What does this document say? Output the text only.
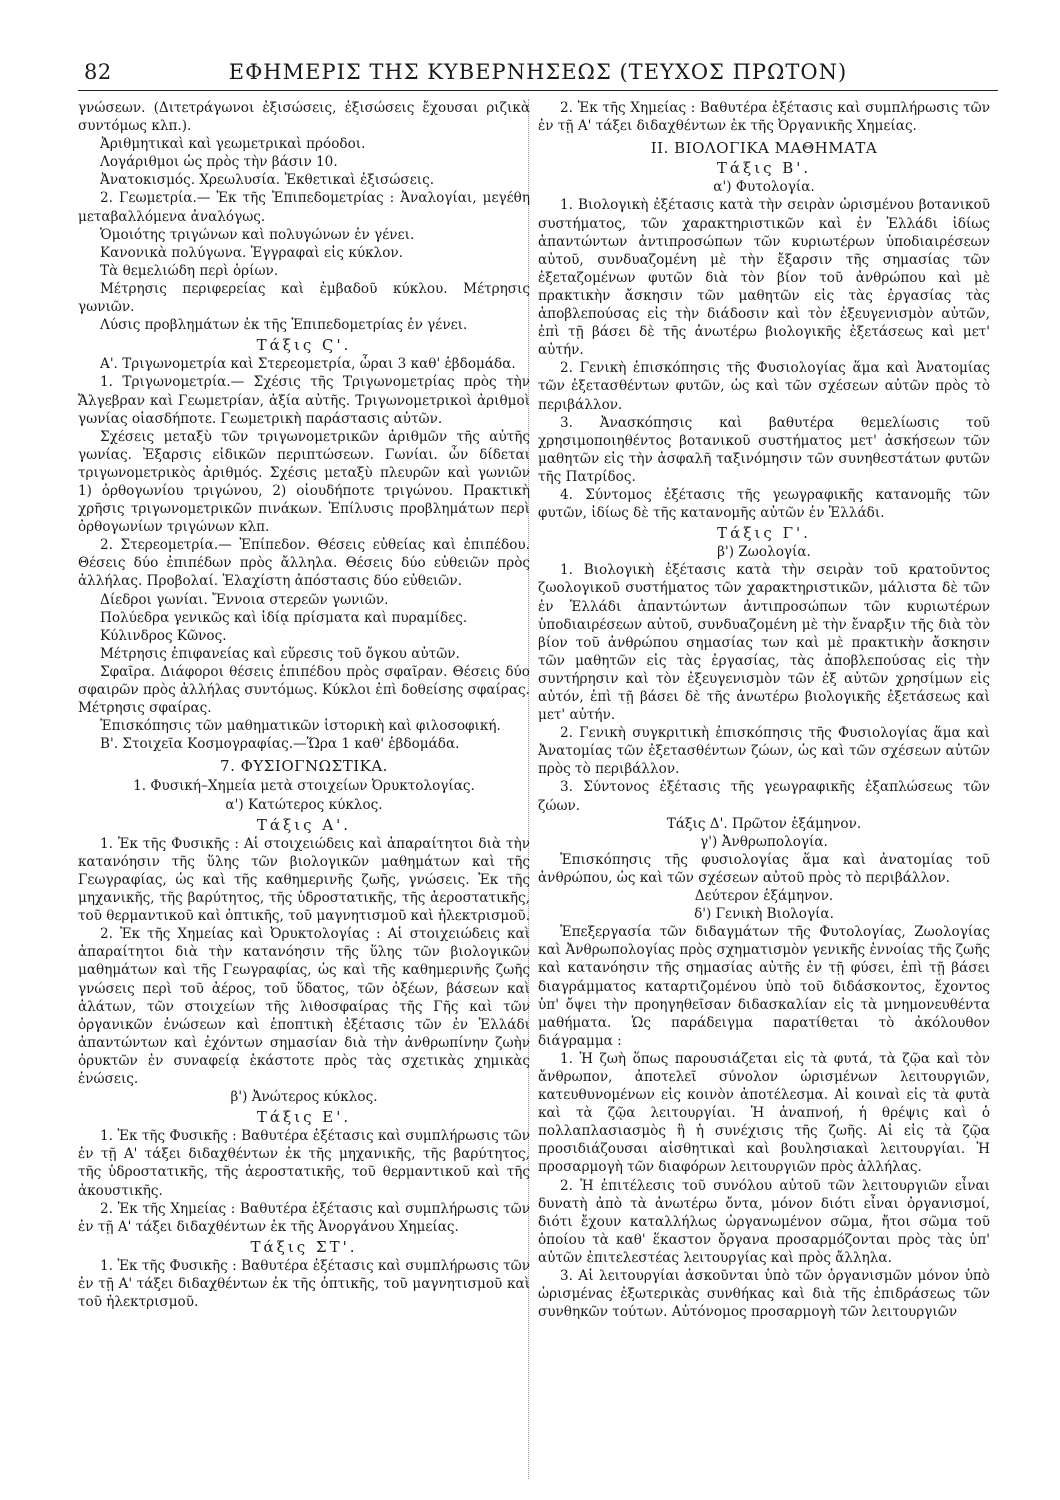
82	ΕΦΗΜΕΡΙΣ ΤΗΣ ΚΥΒΕΡΝΗΣΕΩΣ (ΤΕΥΧΟΣ ΠΡΩΤΟΝ)

γνώσεων. (Διτετράγωνοι ἐξισώσεις, ἐξισώσεις ἔχουσαι ριζικὰ συντόμως κλπ.).

Ἀριθμητικαὶ καὶ γεωμετρικαὶ πρόοδοι.

Λογάριθμοι ὡς πρὸς τὴν βάσιν 10.

Ἀνατοκισμός. Χρεωλυσία. Ἐκθετικαὶ ἐξισώσεις.

2. Γεωμετρία.— Ἐκ τῆς Ἐπιπεδομετρίας : Ἀναλογίαι, μεγέθη μεταβαλλόμενα ἀναλόγως.

Ὁμοιότης τριγώνων καὶ πολυγώνων ἐν γένει.

Κανονικὰ πολύγωνα. Ἐγγραφαὶ εἰς κύκλον.

Τὰ θεμελιώδη περὶ ὁρίων.

Μέτρησις περιφερείας καὶ ἐμβαδοῦ κύκλου. Μέτρησις γωνιῶν.

Λύσις προβλημάτων ἐκ τῆς Ἐπιπεδομετρίας ἐν γένει.

Τάξις Ϛ'.

Α'. Τριγωνομετρία καὶ Στερεομετρία, ὧραι 3 καθ' ἑβδομάδα.

1. Τριγωνομετρία.— Σχέσις τῆς Τριγωνομετρίας πρὸς τὴν Ἄλγεβραν καὶ Γεωμετρίαν, ἀξία αὐτῆς. Τριγωνομετρικοὶ ἀριθμοὶ γωνίας οἱασδήποτε. Γεωμετρικὴ παράστασις αὐτῶν.

Σχέσεις μεταξὺ τῶν τριγωνομετρικῶν ἀριθμῶν τῆς αὐτῆς γωνίας. Ἐξαρσις εἰδικῶν περιπτώσεων. Γωνίαι. ὧν δίδεται τριγωνομετρικὸς ἀριθμός. Σχέσις μεταξὺ πλευρῶν καὶ γωνιῶν 1) ὀρθογωνίου τριγώνου, 2) οἱουδήποτε τριγώνου. Πρακτικὴ χρῆσις τριγωνομετρικῶν πινάκων. Ἐπίλυσις προβλημάτων περὶ ὀρθογωνίων τριγώνων κλπ.

2. Στερεομετρία.— Ἐπίπεδον. Θέσεις εὐθείας καὶ ἐπιπέδου. Θέσεις δύο ἐπιπέδων πρὸς ἄλληλα. Θέσεις δύο εὐθειῶν πρὸς ἀλλήλας. Προβολαί. Ἐλαχίστη ἀπόστασις δύο εὐθειῶν.

Δίεδροι γωνίαι. Ἔννοια στερεῶν γωνιῶν.

Πολύεδρα γενικῶς καὶ ἰδίᾳ πρίσματα καὶ πυραμίδες.

Κύλινδρος Κῶνος.

Μέτρησις ἐπιφανείας καὶ εὕρεσις τοῦ ὄγκου αὐτῶν.

Σφαῖρα. Διάφοροι θέσεις ἐπιπέδου πρὸς σφαῖραν. Θέσεις δύο σφαιρῶν πρὸς ἀλλήλας συντόμως. Κύκλοι ἐπὶ δοθείσης σφαίρας. Μέτρησις σφαίρας.

Ἐπισκόπησις τῶν μαθηματικῶν ἱστορικὴ καὶ φιλοσοφική.

Β'. Στοιχεῖα Κοσμογραφίας.—Ὥρα 1 καθ' ἑβδομάδα.

7. ΦΥΣΙΟΓΝΩΣΤΙΚΑ.

1. Φυσική–Χημεία μετὰ στοιχείων Ὀρυκτολογίας.

α') Κατώτερος κύκλος.

Τάξις Α'.

1. Ἐκ τῆς Φυσικῆς : Αἱ στοιχειώδεις καὶ ἀπαραίτητοι διὰ τὴν κατανόησιν τῆς ὕλης τῶν βιολογικῶν μαθημάτων καὶ τῆς Γεωγραφίας, ὡς καὶ τῆς καθημερινῆς ζωῆς, γνώσεις. Ἐκ τῆς μηχανικῆς, τῆς βαρύτητος, τῆς ὑδροστατικῆς, τῆς ἀεροστατικῆς, τοῦ θερμαντικοῦ καὶ ὀπτικῆς, τοῦ μαγνητισμοῦ καὶ ἠλεκτρισμοῦ.

2. Ἐκ τῆς Χημείας καὶ Ὀρυκτολογίας : Αἱ στοιχειώδεις καὶ ἀπαραίτητοι διὰ τὴν κατανόησιν τῆς ὕλης τῶν βιολογικῶν μαθημάτων καὶ τῆς Γεωγραφίας, ὡς καὶ τῆς καθημερινῆς ζωῆς γνώσεις περὶ τοῦ ἀέρος, τοῦ ὕδατος, τῶν ὀξέων, βάσεων καὶ ἁλάτων, τῶν στοιχείων τῆς λιθοσφαίρας τῆς Γῆς καὶ τῶν ὀργανικῶν ἐνώσεων καὶ ἐποπτικὴ ἐξέτασις τῶν ἐν Ἑλλάδι ἀπαντώντων καὶ ἐχόντων σημασίαν διὰ τὴν ἀνθρωπίνην ζωὴν ὀρυκτῶν ἐν συναφείᾳ ἑκάστοτε πρὸς τὰς σχετικὰς χημικὰς ἑνώσεις.

β') Ἀνώτερος κύκλος.

Τάξις Ε'.

1. Ἐκ τῆς Φυσικῆς : Βαθυτέρα ἐξέτασις καὶ συμπλήρωσις τῶν ἐν τῇ Α' τάξει διδαχθέντων ἐκ τῆς μηχανικῆς, τῆς βαρύτητος, τῆς ὑδροστατικῆς, τῆς ἀεροστατικῆς, τοῦ θερμαντικοῦ καὶ τῆς ἀκουστικῆς.

2. Ἐκ τῆς Χημείας : Βαθυτέρα ἐξέτασις καὶ συμπλήρωσις τῶν ἐν τῇ Α' τάξει διδαχθέντων ἐκ τῆς Ἀνοργάνου Χημείας.

Τάξις ΣΤ'.

1. Ἐκ τῆς Φυσικῆς : Βαθυτέρα ἐξέτασις καὶ συμπλήρωσις τῶν ἐν τῇ Α' τάξει διδαχθέντων ἐκ τῆς ὀπτικῆς, τοῦ μαγνητισμοῦ καὶ τοῦ ἠλεκτρισμοῦ.

2. Ἐκ τῆς Χημείας : Βαθυτέρα ἐξέτασις καὶ συμπλήρωσις τῶν ἐν τῇ Α' τάξει διδαχθέντων ἐκ τῆς Ὀργανικῆς Χημείας.

ΙΙ. ΒΙΟΛΟΓΙΚΑ ΜΑΘΗΜΑΤΑ

Τάξις Β'.

α') Φυτολογία.

1. Βιολογικὴ ἐξέτασις κατὰ τὴν σειρὰν ὡρισμένου βοτανικοῦ συστήματος, τῶν χαρακτηριστικῶν καὶ ἐν Ἑλλάδι ἰδίως ἀπαντώντων ἀντιπροσώπων τῶν κυριωτέρων ὑποδιαιρέσεων αὐτοῦ, συνδυαζομένη μὲ τὴν ἔξαρσιν τῆς σημασίας τῶν ἐξεταζομένων φυτῶν διὰ τὸν βίον τοῦ ἀνθρώπου καὶ μὲ πρακτικὴν ἄσκησιν τῶν μαθητῶν εἰς τὰς ἐργασίας τὰς ἀποβλεπούσας εἰς τὴν διάδοσιν καὶ τὸν ἐξευγενισμὸν αὐτῶν, ἐπὶ τῇ βάσει δὲ τῆς ἀνωτέρω βιολογικῆς ἐξετάσεως καὶ μετ' αὐτήν.

2. Γενικὴ ἐπισκόπησις τῆς Φυσιολογίας ἅμα καὶ Ἀνατομίας τῶν ἐξετασθέντων φυτῶν, ὡς καὶ τῶν σχέσεων αὐτῶν πρὸς τὸ περιβάλλον.

3. Ἀνασκόπησις καὶ βαθυτέρα θεμελίωσις τοῦ χρησιμοποιηθέντος βοτανικοῦ συστήματος μετ' ἀσκήσεων τῶν μαθητῶν εἰς τὴν ἀσφαλῆ ταξινόμησιν τῶν συνηθεστάτων φυτῶν τῆς Πατρίδος.

4. Σύντομος ἐξέτασις τῆς γεωγραφικῆς κατανομῆς τῶν φυτῶν, ἰδίως δὲ τῆς κατανομῆς αὐτῶν ἐν Ἑλλάδι.

Τάξις Γ'.

β') Ζωολογία.

1. Βιολογικὴ ἐξέτασις κατὰ τὴν σειρὰν τοῦ κρατοῦντος ζωολογικοῦ συστήματος τῶν χαρακτηριστικῶν, μάλιστα δὲ τῶν ἐν Ἑλλάδι ἀπαντώντων ἀντιπροσώπων τῶν κυριωτέρων ὑποδιαιρέσεων αὐτοῦ, συνδυαζομένη μὲ τὴν ἔναρξιν τῆς διὰ τὸν βίον τοῦ ἀνθρώπου σημασίας των καὶ μὲ πρακτικὴν ἄσκησιν τῶν μαθητῶν εἰς τὰς ἐργασίας, τὰς ἀποβλεπούσας εἰς τὴν συντήρησιν καὶ τὸν ἐξευγενισμὸν τῶν ἐξ αὐτῶν χρησίμων εἰς αὐτόν, ἐπὶ τῇ βάσει δὲ τῆς ἀνωτέρω βιολογικῆς ἐξετάσεως καὶ μετ' αὐτήν.

2. Γενικὴ συγκριτικὴ ἐπισκόπησις τῆς Φυσιολογίας ἅμα καὶ Ἀνατομίας τῶν ἐξετασθέντων ζώων, ὡς καὶ τῶν σχέσεων αὐτῶν πρὸς τὸ περιβάλλον.

3. Σύντονος ἐξέτασις τῆς γεωγραφικῆς ἐξαπλώσεως τῶν ζώων.

Τάξις Δ'. Πρῶτον ἑξάμηνον.

γ') Ἀνθρωπολογία.

Ἐπισκόπησις τῆς φυσιολογίας ἅμα καὶ ἀνατομίας τοῦ ἀνθρώπου, ὡς καὶ τῶν σχέσεων αὐτοῦ πρὸς τὸ περιβάλλον.

Δεύτερον ἑξάμηνον.

δ') Γενικὴ Βιολογία.

Ἐπεξεργασία τῶν διδαγμάτων τῆς Φυτολογίας, Ζωολογίας καὶ Ἀνθρωπολογίας πρὸς σχηματισμὸν γενικῆς ἐννοίας τῆς ζωῆς καὶ κατανόησιν τῆς σημασίας αὐτῆς ἐν τῇ φύσει, ἐπὶ τῇ βάσει διαγράμματος καταρτιζομένου ὑπὸ τοῦ διδάσκοντος, ἔχοντος ὑπ' ὄψει τὴν προηγηθεῖσαν διδασκαλίαν εἰς τὰ μνημονευθέντα μαθήματα. Ὡς παράδειγμα παρατίθεται τὸ ἀκόλουθον διάγραμμα :

1. Ἡ ζωὴ ὅπως παρουσιάζεται εἰς τὰ φυτά, τὰ ζῷα καὶ τὸν ἄνθρωπον, ἀποτελεῖ σύνολον ὡρισμένων λειτουργιῶν, κατευθυνομένων εἰς κοινὸν ἀποτέλεσμα. Αἱ κοιναὶ εἰς τὰ φυτὰ καὶ τὰ ζῷα λειτουργίαι. Ἡ ἀναπνοή, ἡ θρέψις καὶ ὁ πολλαπλασιασμὸς ἢ ἡ συνέχισις τῆς ζωῆς. Αἱ εἰς τὰ ζῷα προσιδιάζουσαι αἰσθητικαὶ καὶ βουλησιακαὶ λειτουργίαι. Ἡ προσαρμογὴ τῶν διαφόρων λειτουργιῶν πρὸς ἀλλήλας.

2. Ἡ ἐπιτέλεσις τοῦ συνόλου αὐτοῦ τῶν λειτουργιῶν εἶναι δυνατὴ ἀπὸ τὰ ἀνωτέρω ὄντα, μόνον διότι εἶναι ὀργανισμοί, διότι ἔχουν καταλλήλως ὠργανωμένον σῶμα, ἤτοι σῶμα τοῦ ὁποίου τὰ καθ' ἕκαστον ὄργανα προσαρμόζονται πρὸς τὰς ὑπ' αὐτῶν ἐπιτελεστέας λειτουργίας καὶ πρὸς ἄλληλα.

3. Αἱ λειτουργίαι ἀσκοῦνται ὑπὸ τῶν ὀργανισμῶν μόνον ὑπὸ ὡρισμένας ἐξωτερικὰς συνθήκας καὶ διὰ τῆς ἐπιδράσεως τῶν συνθηκῶν τούτων. Αὐτόνομος προσαρμογὴ τῶν λειτουργιῶν
